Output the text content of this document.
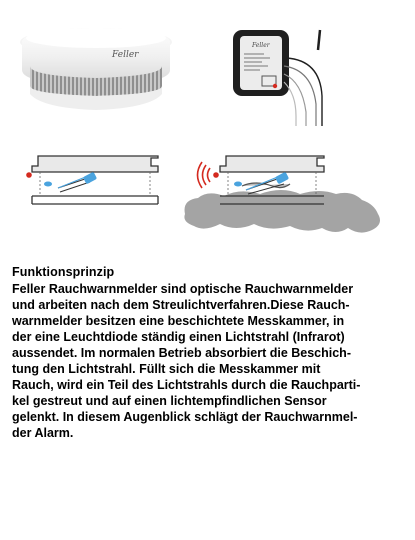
Feller
Feller
Funktionsprinzip
Feller Rauchwarnmelder sind optische Rauchwarnmelder
und arbeiten nach dem Streulichtverfahren.Diese Rauch-
warnmelder besitzen eine beschichtete Messkammer, in
der eine Leuchtdiode ständig einen Lichtstrahl (Infrarot)
aussendet. Im normalen Betrieb absorbiert die Beschich-
tung den Lichtstrahl. Füllt sich die Messkammer mit
Rauch, wird ein Teil des Lichtstrahls durch die Rauchparti-
kel gestreut und auf einen lichtempfindlichen Sensor
gelenkt. In diesem Augenblick schlägt der Rauchwarnmel-
der Alarm.
